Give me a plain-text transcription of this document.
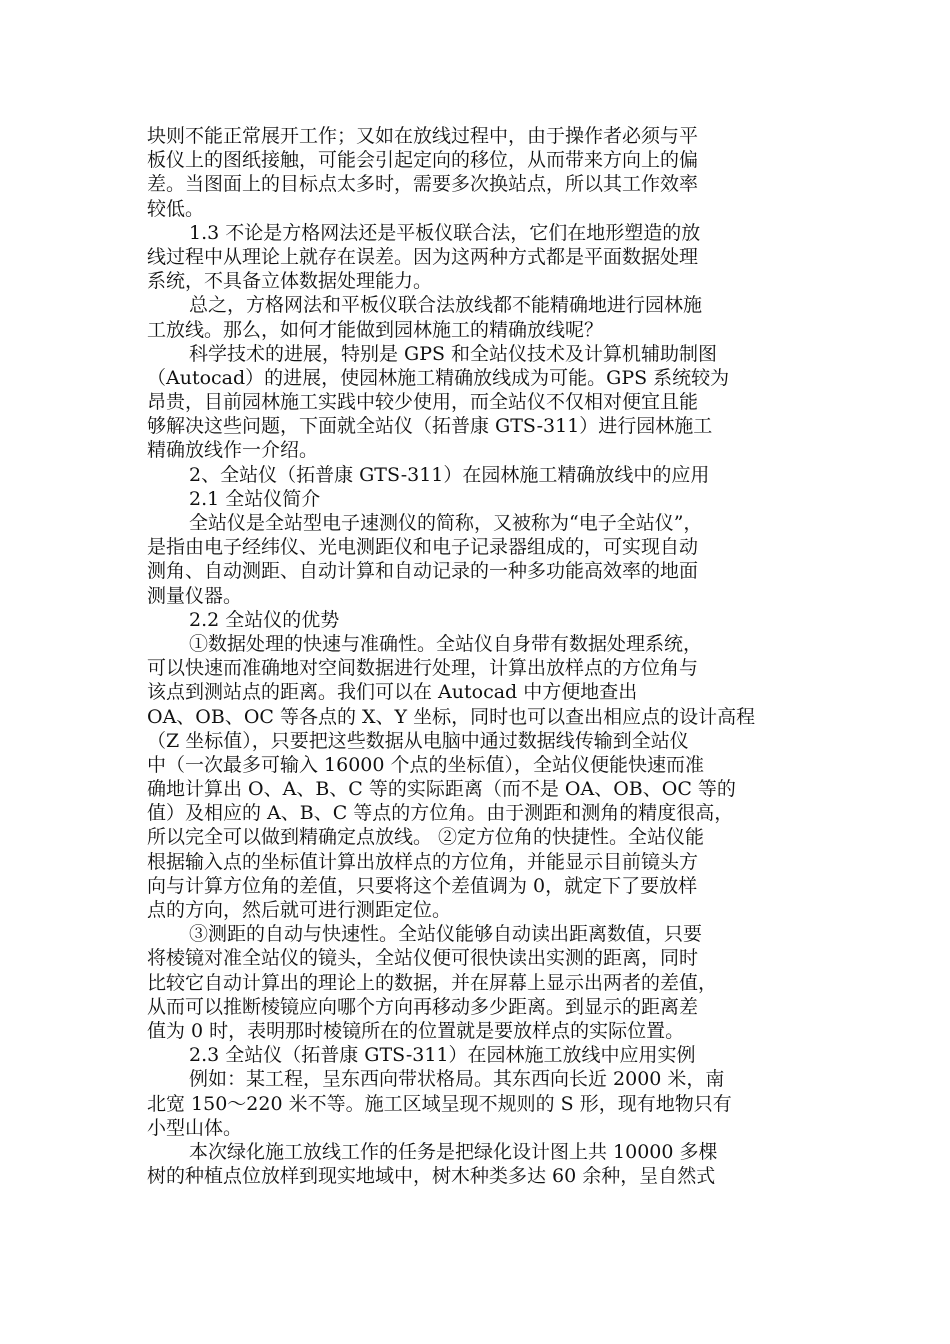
块则不能正常展开工作；又如在放线过程中，由于操作者必须与平
板仪上的图纸接触，可能会引起定向的移位，从而带来方向上的偏
差。当图面上的目标点太多时，需要多次换站点，所以其工作效率
较低。
1.3 不论是方格网法还是平板仪联合法，它们在地形塑造的放
线过程中从理论上就存在误差。因为这两种方式都是平面数据处理
系统，不具备立体数据处理能力。
总之，方格网法和平板仪联合法放线都不能精确地进行园林施
工放线。那么，如何才能做到园林施工的精确放线呢？
科学技术的进展，特别是 GPS 和全站仪技术及计算机辅助制图
（Autocad）的进展，使园林施工精确放线成为可能。GPS 系统较为
昂贵，目前园林施工实践中较少使用，而全站仪不仅相对便宜且能
够解决这些问题，下面就全站仪（拓普康 GTS-311）进行园林施工
精确放线作一介绍。
2、全站仪（拓普康 GTS-311）在园林施工精确放线中的应用
2.1 全站仪简介
全站仪是全站型电子速测仪的简称，又被称为“电子全站仪”，
是指由电子经纬仪、光电测距仪和电子记录器组成的，可实现自动
测角、自动测距、自动计算和自动记录的一种多功能高效率的地面
测量仪器。
2.2 全站仪的优势
①数据处理的快速与准确性。全站仪自身带有数据处理系统，
可以快速而准确地对空间数据进行处理，计算出放样点的方位角与
该点到测站点的距离。我们可以在 Autocad 中方便地查出
OA、OB、OC 等各点的 X、Y 坐标，同时也可以查出相应点的设计高程
（Z 坐标值），只要把这些数据从电脑中通过数据线传输到全站仪
中（一次最多可输入 16000 个点的坐标值），全站仪便能快速而准
确地计算出 O、A、B、C 等的实际距离（而不是 OA、OB、OC 等的
值）及相应的 A、B、C 等点的方位角。由于测距和测角的精度很高，
所以完全可以做到精确定点放线。 ②定方位角的快捷性。全站仪能
根据输入点的坐标值计算出放样点的方位角，并能显示目前镜头方
向与计算方位角的差值，只要将这个差值调为 0，就定下了要放样
点的方向，然后就可进行测距定位。
③测距的自动与快速性。全站仪能够自动读出距离数值，只要
将棱镜对准全站仪的镜头，全站仪便可很快读出实测的距离，同时
比较它自动计算出的理论上的数据，并在屏幕上显示出两者的差值，
从而可以推断棱镜应向哪个方向再移动多少距离。到显示的距离差
值为 0 时，表明那时棱镜所在的位置就是要放样点的实际位置。
2.3 全站仪（拓普康 GTS-311）在园林施工放线中应用实例
例如：某工程，呈东西向带状格局。其东西向长近 2000 米，南
北宽 150～220 米不等。施工区域呈现不规则的 S 形，现有地物只有
小型山体。
本次绿化施工放线工作的任务是把绿化设计图上共 10000 多棵
树的种植点位放样到现实地域中，树木种类多达 60 余种，呈自然式
